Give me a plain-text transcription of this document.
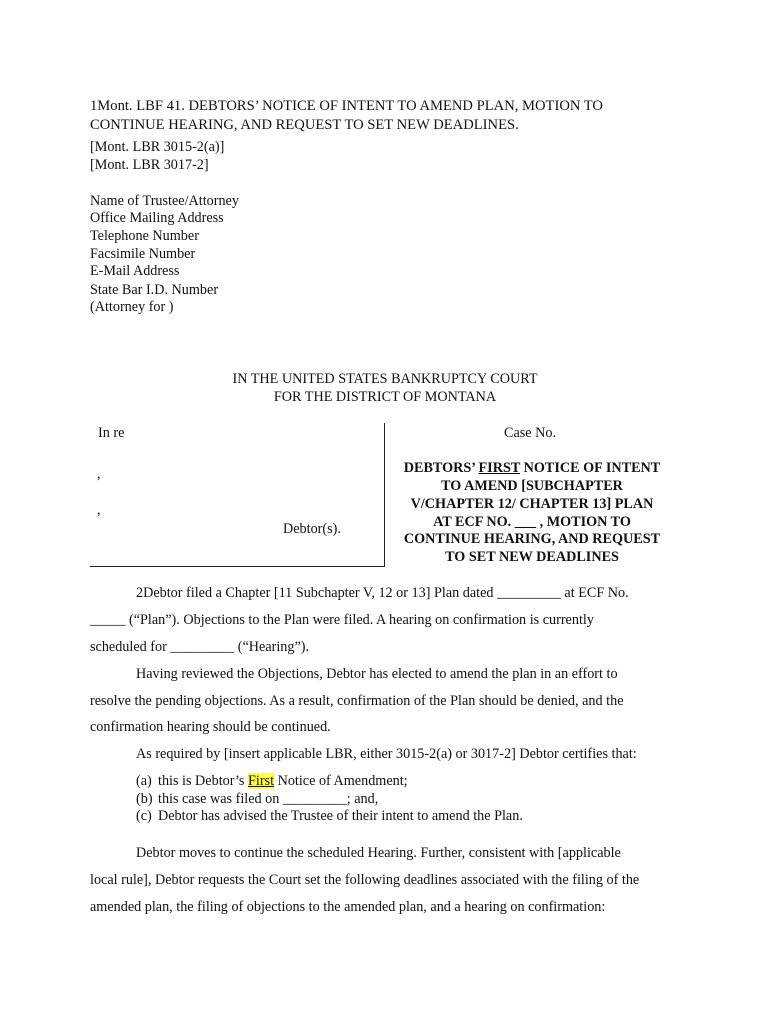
1Mont. LBF 41. DEBTORS’ NOTICE OF INTENT TO AMEND PLAN, MOTION TO
CONTINUE HEARING, AND REQUEST TO SET NEW DEADLINES.
[Mont. LBR 3015-2(a)]
[Mont. LBR 3017-2]
Name of Trustee/Attorney
Office Mailing Address
Telephone Number
Facsimile Number
E-Mail Address
State Bar I.D. Number
(Attorney for )
IN THE UNITED STATES BANKRUPTCY COURT
FOR THE DISTRICT OF MONTANA
In re
,
,
Debtor(s).
Case No.
DEBTORS’ FIRST NOTICE OF INTENT
TO AMEND [SUBCHAPTER
V/CHAPTER 12/ CHAPTER 13] PLAN
AT ECF NO. ___ , MOTION TO
CONTINUE HEARING, AND REQUEST
TO SET NEW DEADLINES
2Debtor filed a Chapter [11 Subchapter V, 12 or 13] Plan dated _________ at ECF No.
_____ (“Plan”). Objections to the Plan were filed. A hearing on confirmation is currently
scheduled for _________ (“Hearing”).
Having reviewed the Objections, Debtor has elected to amend the plan in an effort to
resolve the pending objections. As a result, confirmation of the Plan should be denied, and the
confirmation hearing should be continued.
As required by [insert applicable LBR, either 3015-2(a) or 3017-2] Debtor certifies that:
(a) this is Debtor’s First Notice of Amendment;
(b) this case was filed on _________; and,
(c) Debtor has advised the Trustee of their intent to amend the Plan.
Debtor moves to continue the scheduled Hearing. Further, consistent with [applicable
local rule], Debtor requests the Court set the following deadlines associated with the filing of the
amended plan, the filing of objections to the amended plan, and a hearing on confirmation:
